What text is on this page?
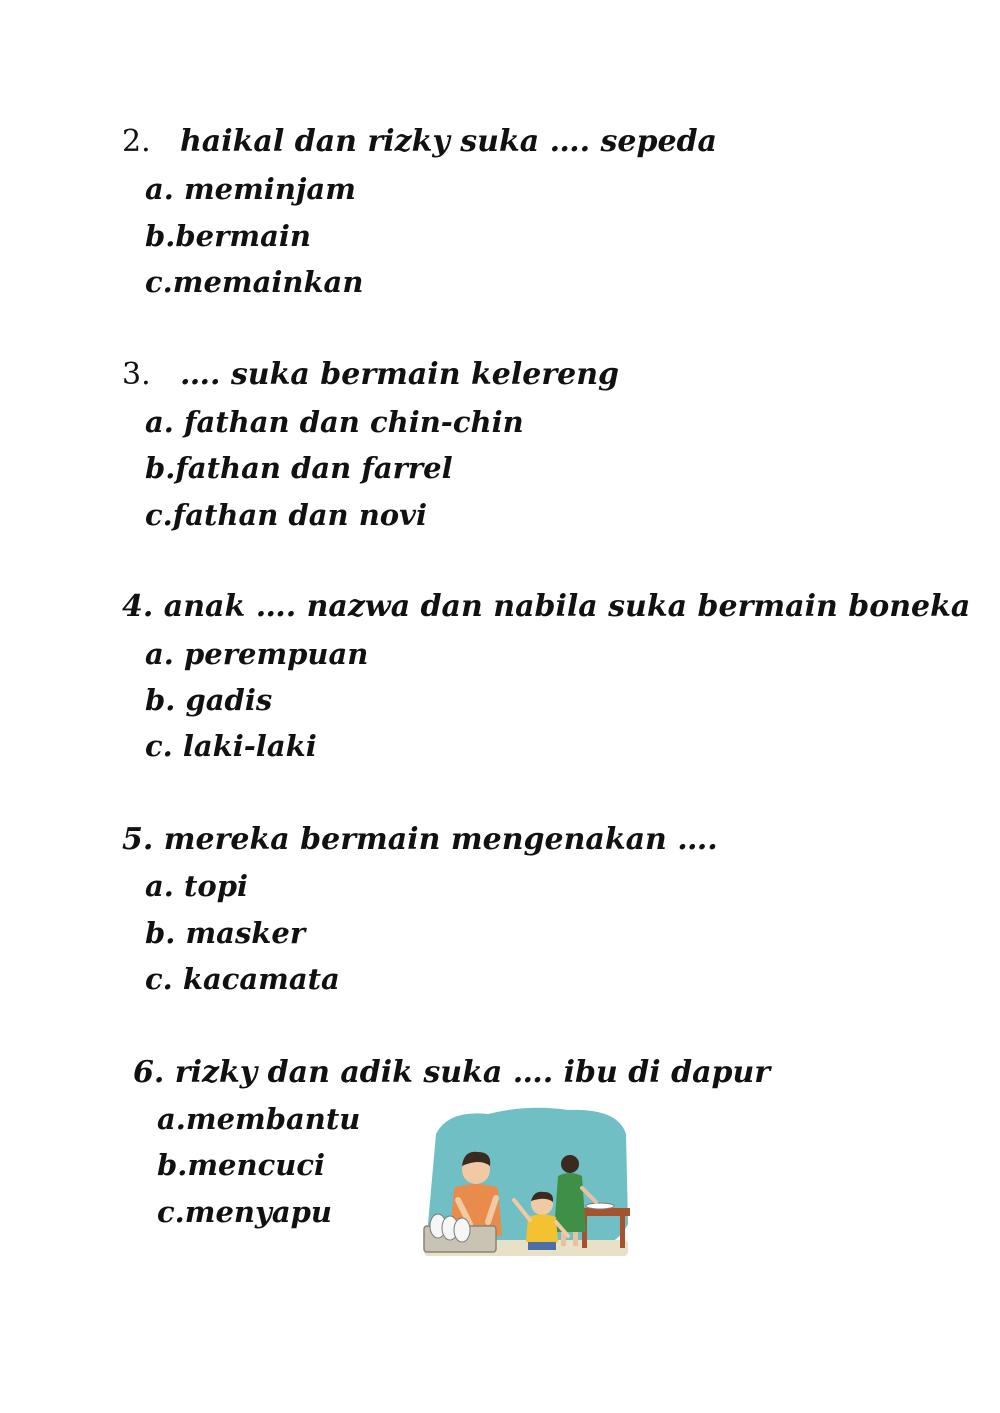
2. haikal dan rizky suka …. sepeda
a. meminjam
b.bermain
c.memainkan
3. …. suka bermain kelereng
a. fathan dan chin-chin
b.fathan dan farrel
c.fathan dan novi
4. anak …. nazwa dan nabila suka bermain boneka
a. perempuan
b. gadis
c. laki-laki
5. mereka bermain mengenakan ….
a. topi
b. masker
c. kacamata
6. rizky dan adik suka …. ibu di dapur
a.membantu
b.mencuci
c.menyapu
